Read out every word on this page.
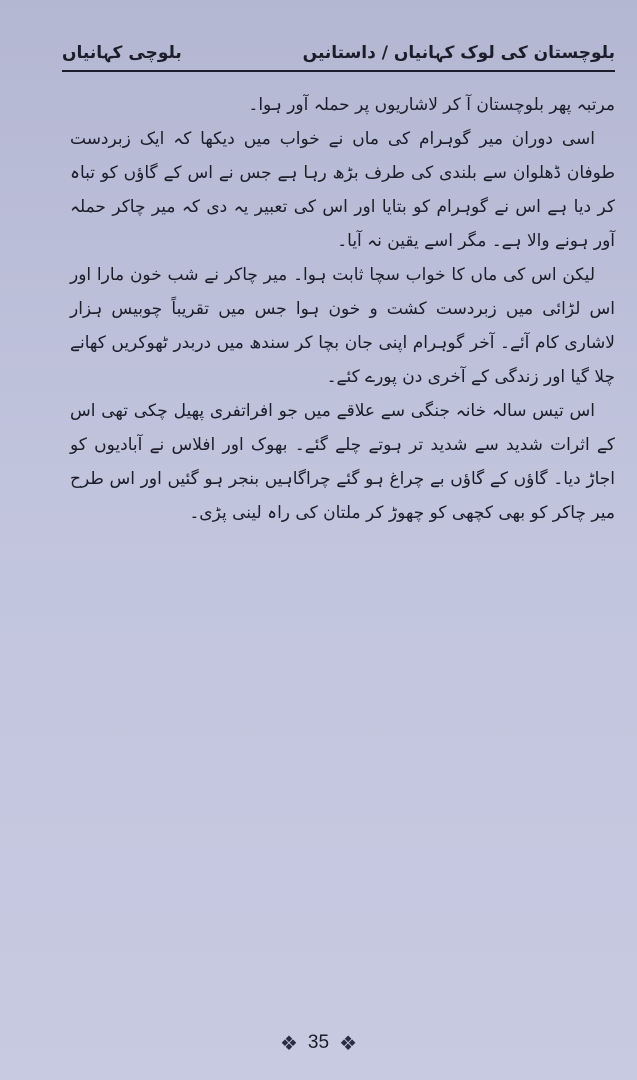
بلوچستان کی لوک کہانیاں / داستانیں
بلوچی کہانیاں

مرتبہ پھر بلوچستان آ کر لاشاریوں پر حملہ آور ہوا۔

اسی دوران میر گوہرام کی ماں نے خواب میں دیکھا کہ ایک زبردست طوفان ڈھلوان سے بلندی کی طرف بڑھ رہا ہے جس نے اس کے گاؤں کو تباہ کر دیا ہے اس نے گوہرام کو بتایا اور اس کی تعبیر یہ دی کہ میر چاکر حملہ آور ہونے والا ہے۔ مگر اسے یقین نہ آیا۔

لیکن اس کی ماں کا خواب سچا ثابت ہوا۔ میر چاکر نے شب خون مارا اور اس لڑائی میں زبردست کشت و خون ہوا جس میں تقریباً چوبیس ہزار لاشاری کام آئے۔ آخر گوہرام اپنی جان بچا کر سندھ میں دربدر ٹھوکریں کھانے چلا گیا اور زندگی کے آخری دن پورے کئے۔

اس تیس سالہ خانہ جنگی سے علاقے میں جو افراتفری پھیل چکی تھی اس کے اثرات شدید سے شدید تر ہوتے چلے گئے۔ بھوک اور افلاس نے آبادیوں کو اجاڑ دیا۔ گاؤں کے گاؤں بے چراغ ہو گئے چراگاہیں بنجر ہو گئیں اور اس طرح میر چاکر کو بھی کچھی کو چھوڑ کر ملتان کی راہ لینی پڑی۔

❖ 35 ❖
